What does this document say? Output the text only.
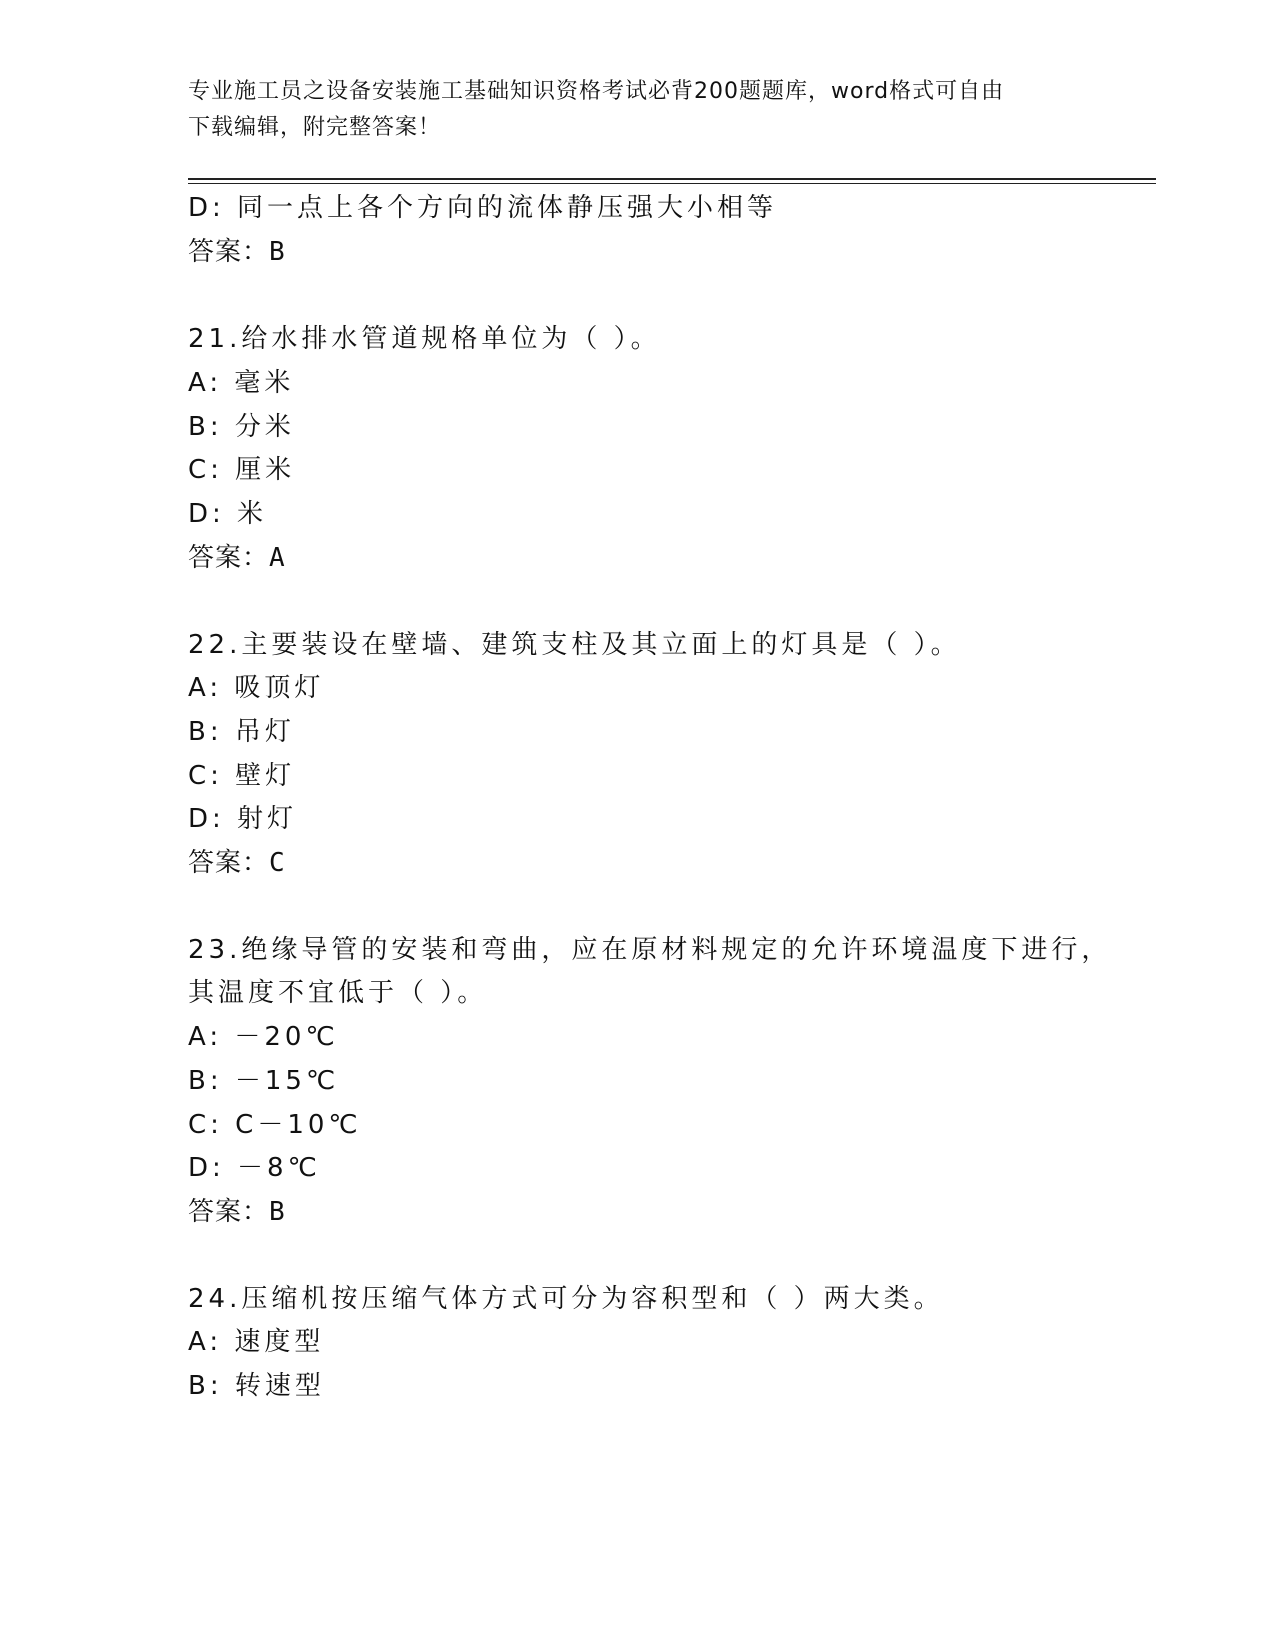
专业施工员之设备安装施工基础知识资格考试必背200题题库，word格式可自由
下载编辑，附完整答案！
D: 同一点上各个方向的流体静压强大小相等
答案：B
21.给水排水管道规格单位为（ ）。
A: 毫米
B: 分米
C: 厘米
D: 米
答案：A
22.主要装设在壁墙、建筑支柱及其立面上的灯具是（ ）。
A: 吸顶灯
B: 吊灯
C: 壁灯
D: 射灯
答案：C
23.绝缘导管的安装和弯曲，应在原材料规定的允许环境温度下进行，
其温度不宜低于（ ）。
A: －20℃
B: －15℃
C: C－10℃
D: －8℃
答案：B
24.压缩机按压缩气体方式可分为容积型和（ ）两大类。
A: 速度型
B: 转速型
